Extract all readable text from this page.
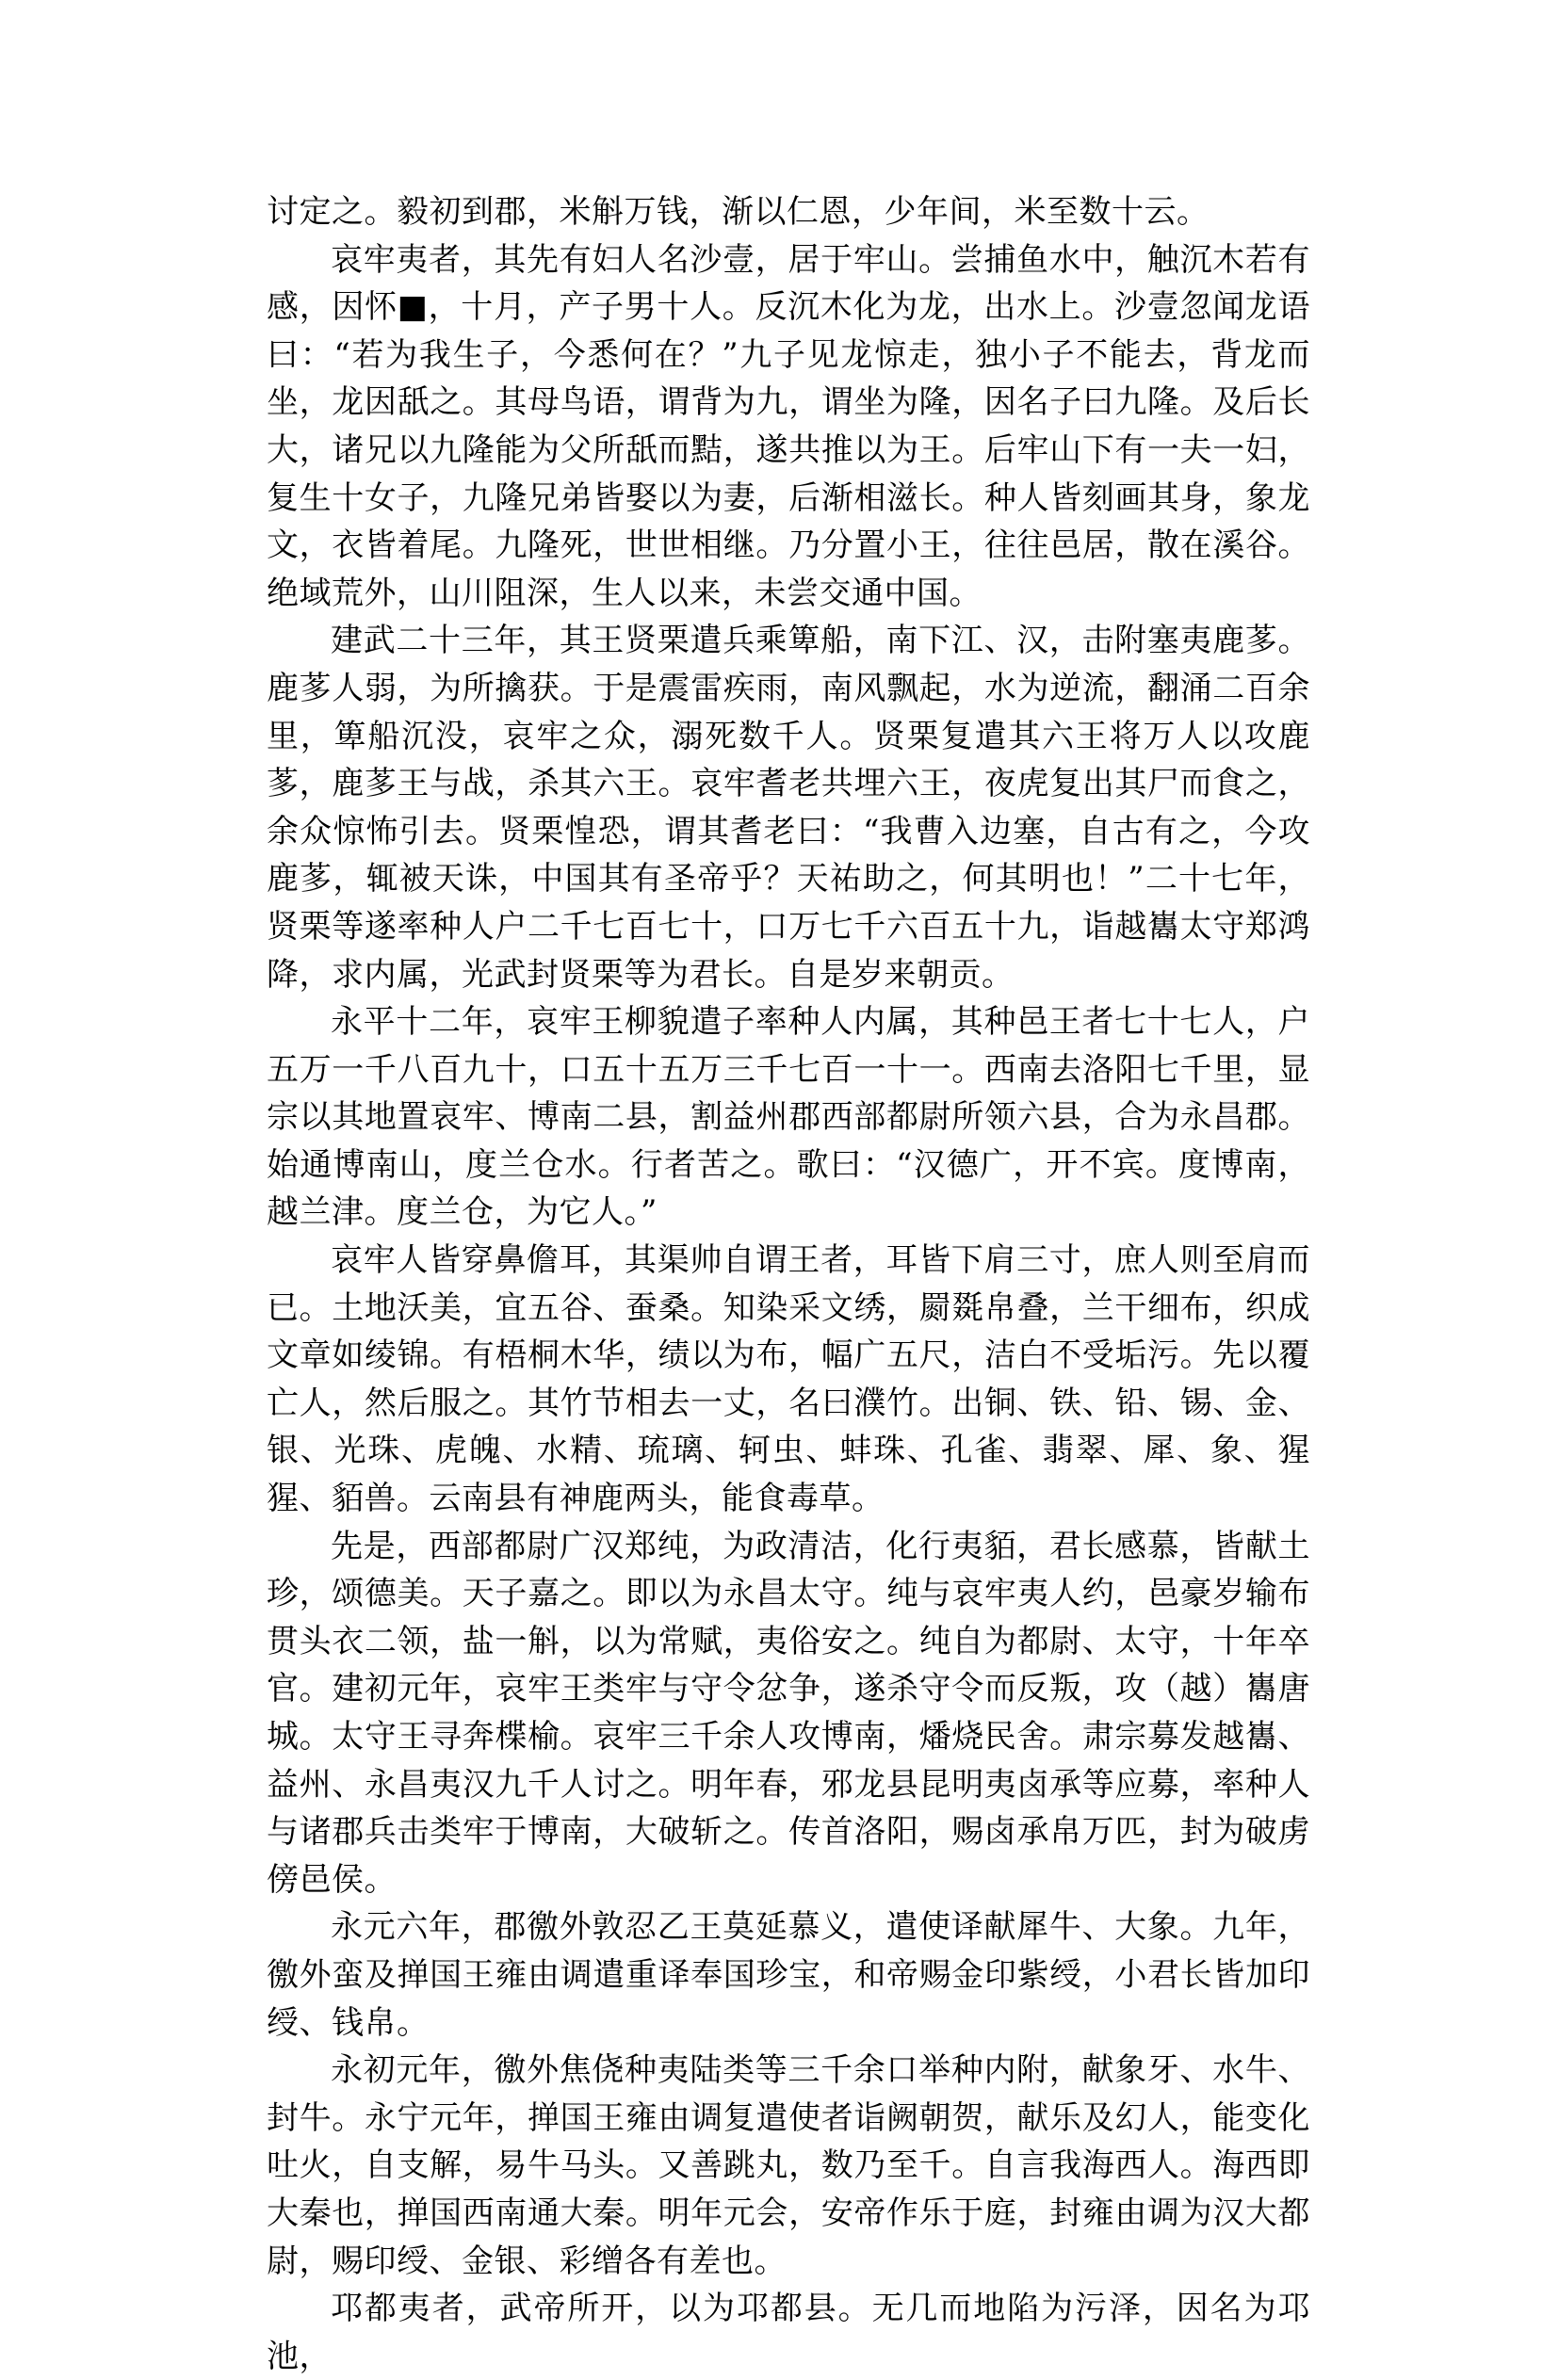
讨定之。毅初到郡，米斛万钱，渐以仁恩，少年间，米至数十云。

哀牢夷者，其先有妇人名沙壹，居于牢山。尝捕鱼水中，触沉木若有感，因怀■，十月，产子男十人。反沉木化为龙，出水上。沙壹忽闻龙语曰：“若为我生子，今悉何在？”九子见龙惊走，独小子不能去，背龙而坐，龙因舐之。其母鸟语，谓背为九，谓坐为隆，因名子曰九隆。及后长大，诸兄以九隆能为父所舐而黠，遂共推以为王。后牢山下有一夫一妇，复生十女子，九隆兄弟皆娶以为妻，后渐相滋长。种人皆刻画其身，象龙文，衣皆着尾。九隆死，世世相继。乃分置小王，往往邑居，散在溪谷。绝域荒外，山川阻深，生人以来，未尝交通中国。

建武二十三年，其王贤栗遣兵乘箄船，南下江、汉，击附塞夷鹿茤。鹿茤人弱，为所擒获。于是震雷疾雨，南风飘起，水为逆流，翻涌二百余里，箄船沉没，哀牢之众，溺死数千人。贤栗复遣其六王将万人以攻鹿茤，鹿茤王与战，杀其六王。哀牢耆老共埋六王，夜虎复出其尸而食之，余众惊怖引去。贤栗惶恐，谓其耆老曰：“我曹入边塞，自古有之，今攻鹿茤，辄被天诛，中国其有圣帝乎？天祐助之，何其明也！”二十七年，贤栗等遂率种人户二千七百七十，口万七千六百五十九，诣越巂太守郑鸿降，求内属，光武封贤栗等为君长。自是岁来朝贡。

永平十二年，哀牢王柳貌遣子率种人内属，其种邑王者七十七人，户五万一千八百九十，口五十五万三千七百一十一。西南去洛阳七千里，显宗以其地置哀牢、博南二县，割益州郡西部都尉所领六县，合为永昌郡。始通博南山，度兰仓水。行者苦之。歌曰：“汉德广，开不宾。度博南，越兰津。度兰仓，为它人。”

哀牢人皆穿鼻儋耳，其渠帅自谓王者，耳皆下肩三寸，庶人则至肩而已。土地沃美，宜五谷、蚕桑。知染采文绣，罽毲帛叠，兰干细布，织成文章如绫锦。有梧桐木华，绩以为布，幅广五尺，洁白不受垢污。先以覆亡人，然后服之。其竹节相去一丈，名曰濮竹。出铜、铁、铅、锡、金、银、光珠、虎魄、水精、琉璃、轲虫、蚌珠、孔雀、翡翠、犀、象、猩猩、貊兽。云南县有神鹿两头，能食毒草。

先是，西部都尉广汉郑纯，为政清洁，化行夷貊，君长感慕，皆献土珍，颂德美。天子嘉之。即以为永昌太守。纯与哀牢夷人约，邑豪岁输布贯头衣二领，盐一斛，以为常赋，夷俗安之。纯自为都尉、太守，十年卒官。建初元年，哀牢王类牢与守令忿争，遂杀守令而反叛，攻（越）巂唐城。太守王寻奔楪榆。哀牢三千余人攻博南，燔烧民舍。肃宗募发越巂、益州、永昌夷汉九千人讨之。明年春，邪龙县昆明夷卤承等应募，率种人与诸郡兵击类牢于博南，大破斩之。传首洛阳，赐卤承帛万匹，封为破虏傍邑侯。

永元六年，郡徼外敦忍乙王莫延慕义，遣使译献犀牛、大象。九年，徼外蛮及掸国王雍由调遣重译奉国珍宝，和帝赐金印紫绶，小君长皆加印绶、钱帛。

永初元年，徼外焦侥种夷陆类等三千余口举种内附，献象牙、水牛、封牛。永宁元年，掸国王雍由调复遣使者诣阙朝贺，献乐及幻人，能变化吐火，自支解，易牛马头。又善跳丸，数乃至千。自言我海西人。海西即大秦也，掸国西南通大秦。明年元会，安帝作乐于庭，封雍由调为汉大都尉，赐印绶、金银、彩缯各有差也。

邛都夷者，武帝所开，以为邛都县。无几而地陷为污泽，因名为邛池，
